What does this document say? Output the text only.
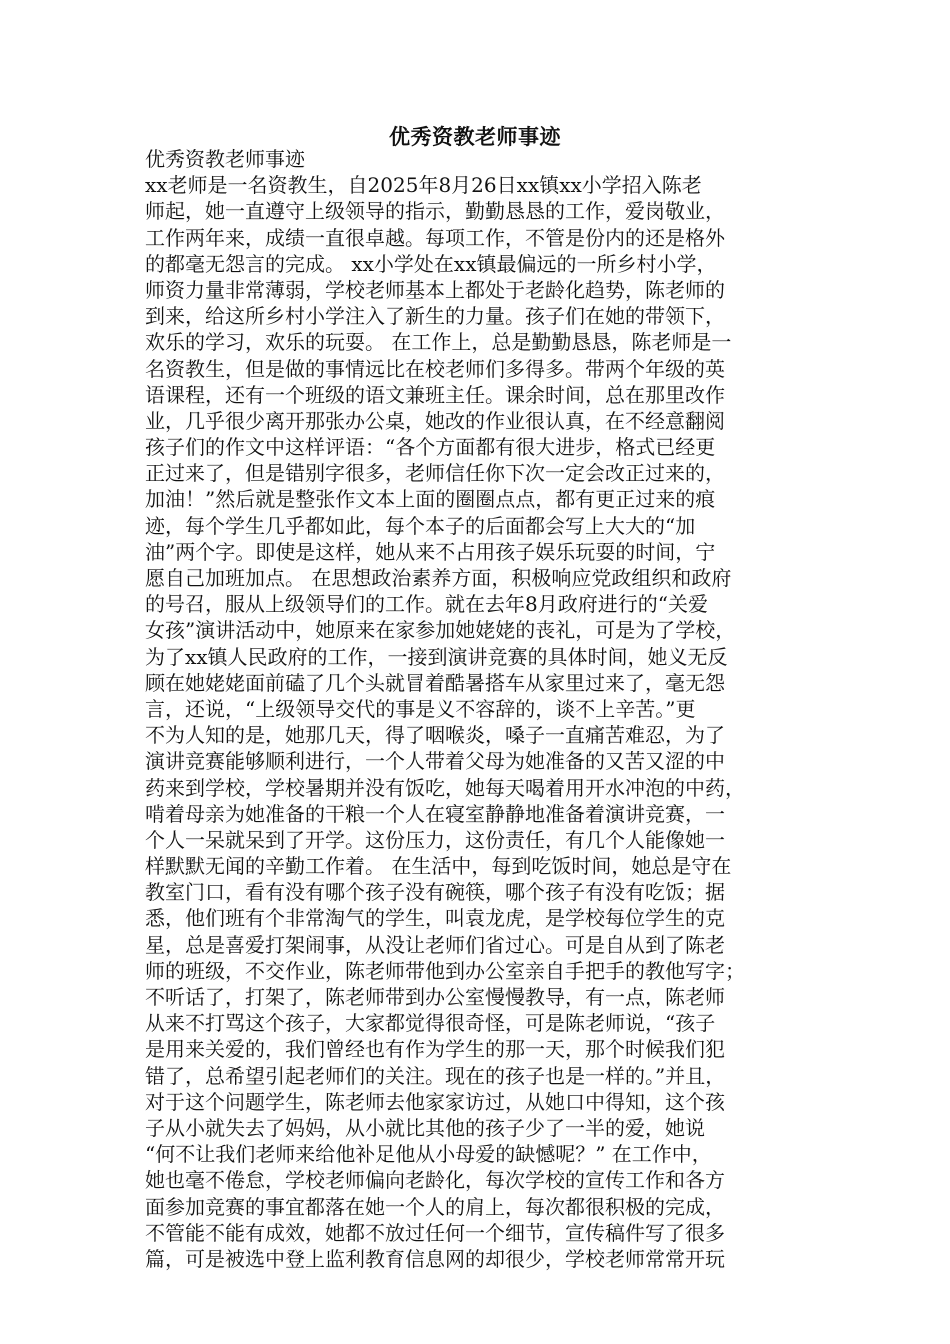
优秀资教老师事迹
优秀资教老师事迹
xx老师是一名资教生，自2025年8月26日xx镇xx小学招入陈老
师起，她一直遵守上级领导的指示，勤勤恳恳的工作，爱岗敬业，
工作两年来，成绩一直很卓越。每项工作，不管是份内的还是格外
的都毫无怨言的完成。 xx小学处在xx镇最偏远的一所乡村小学，
师资力量非常薄弱，学校老师基本上都处于老龄化趋势，陈老师的
到来，给这所乡村小学注入了新生的力量。孩子们在她的带领下，
欢乐的学习，欢乐的玩耍。 在工作上，总是勤勤恳恳，陈老师是一
名资教生，但是做的事情远比在校老师们多得多。带两个年级的英
语课程，还有一个班级的语文兼班主任。课余时间，总在那里改作
业，几乎很少离开那张办公桌，她改的作业很认真，在不经意翻阅
孩子们的作文中这样评语：“各个方面都有很大进步，格式已经更
正过来了，但是错别字很多，老师信任你下次一定会改正过来的，
加油！”然后就是整张作文本上面的圈圈点点，都有更正过来的痕
迹，每个学生几乎都如此，每个本子的后面都会写上大大的“加
油”两个字。即使是这样，她从来不占用孩子娱乐玩耍的时间，宁
愿自己加班加点。 在思想政治素养方面，积极响应党政组织和政府
的号召，服从上级领导们的工作。就在去年8月政府进行的“关爱
女孩”演讲活动中，她原来在家参加她姥姥的丧礼，可是为了学校，
为了xx镇人民政府的工作，一接到演讲竞赛的具体时间，她义无反
顾在她姥姥面前磕了几个头就冒着酷暑搭车从家里过来了，毫无怨
言，还说，“上级领导交代的事是义不容辞的，谈不上辛苦。”更
不为人知的是，她那几天，得了咽喉炎，嗓子一直痛苦难忍，为了
演讲竞赛能够顺利进行，一个人带着父母为她准备的又苦又涩的中
药来到学校，学校暑期并没有饭吃，她每天喝着用开水冲泡的中药，
啃着母亲为她准备的干粮一个人在寝室静静地准备着演讲竞赛，一
个人一呆就呆到了开学。这份压力，这份责任，有几个人能像她一
样默默无闻的辛勤工作着。 在生活中，每到吃饭时间，她总是守在
教室门口，看有没有哪个孩子没有碗筷，哪个孩子有没有吃饭；据
悉，他们班有个非常淘气的学生，叫袁龙虎，是学校每位学生的克
星，总是喜爱打架闹事，从没让老师们省过心。可是自从到了陈老
师的班级，不交作业，陈老师带他到办公室亲自手把手的教他写字；
不听话了，打架了，陈老师带到办公室慢慢教导，有一点，陈老师
从来不打骂这个孩子，大家都觉得很奇怪，可是陈老师说，“孩子
是用来关爱的，我们曾经也有作为学生的那一天，那个时候我们犯
错了，总希望引起老师们的关注。现在的孩子也是一样的。”并且，
对于这个问题学生，陈老师去他家家访过，从她口中得知，这个孩
子从小就失去了妈妈，从小就比其他的孩子少了一半的爱，她说
“何不让我们老师来给他补足他从小母爱的缺憾呢？” 在工作中，
她也毫不倦怠，学校老师偏向老龄化，每次学校的宣传工作和各方
面参加竞赛的事宜都落在她一个人的肩上，每次都很积极的完成，
不管能不能有成效，她都不放过任何一个细节，宣传稿件写了很多
篇，可是被选中登上监利教育信息网的却很少，学校老师常常开玩
